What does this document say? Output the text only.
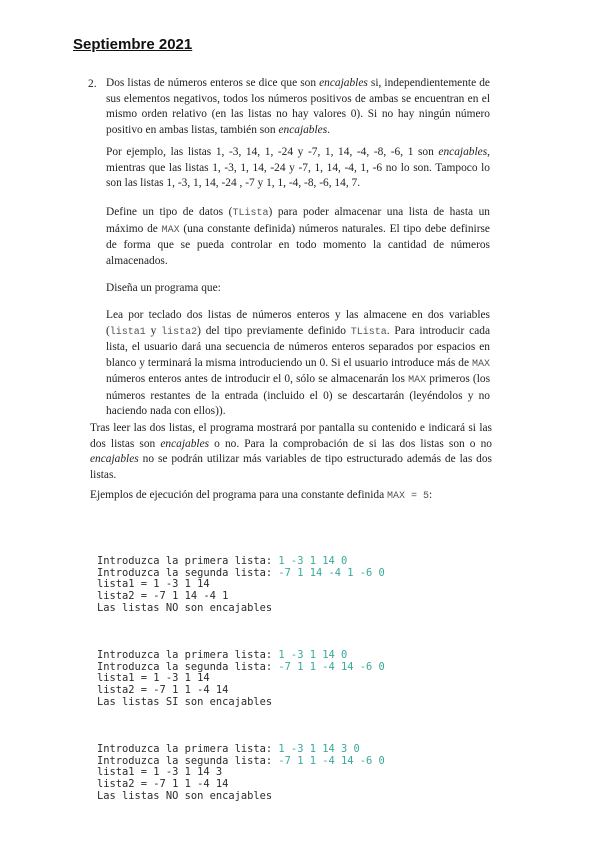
Septiembre 2021
2. Dos listas de números enteros se dice que son encajables si, independientemente de sus elementos negativos, todos los números positivos de ambas se encuentran en el mismo orden relativo (en las listas no hay valores 0). Si no hay ningún número positivo en ambas listas, también son encajables.

Por ejemplo, las listas 1, -3, 14, 1, -24 y -7, 1, 14, -4, -8, -6, 1 son encajables, mientras que las listas 1, -3, 1, 14, -24 y -7, 1, 14, -4, 1, -6 no lo son. Tampoco lo son las listas 1, -3, 1, 14, -24 , -7 y 1, 1, -4, -8, -6, 14, 7.

Define un tipo de datos (TLista) para poder almacenar una lista de hasta un máximo de MAX (una constante definida) números naturales. El tipo debe definirse de forma que se pueda controlar en todo momento la cantidad de números almacenados.

Diseña un programa que:

Lea por teclado dos listas de números enteros y las almacene en dos variables (lista1 y lista2) del tipo previamente definido TLista. Para introducir cada lista, el usuario dará una secuencia de números enteros separados por espacios en blanco y terminará la misma introduciendo un 0. Si el usuario introduce más de MAX números enteros antes de introducir el 0, sólo se almacenarán los MAX primeros (los números restantes de la entrada (incluido el 0) se descartarán (leyéndolos y no haciendo nada con ellos)).

Tras leer las dos listas, el programa mostrará por pantalla su contenido e indicará si las dos listas son encajables o no. Para la comprobación de si las dos listas son o no encajables no se podrán utilizar más variables de tipo estructurado además de las dos listas.

Ejemplos de ejecución del programa para una constante definida MAX = 5:

Introduzca la primera lista: 1 -3 1 14 0
Introduzca la segunda lista: -7 1 14 -4 1 -6 0
lista1 = 1 -3 1 14
lista2 = -7 1 14 -4 1
Las listas NO son encajables

Introduzca la primera lista: 1 -3 1 14 0
Introduzca la segunda lista: -7 1 1 -4 14 -6 0
lista1 = 1 -3 1 14
lista2 = -7 1 1 -4 14
Las listas SI son encajables

Introduzca la primera lista: 1 -3 1 14 3 0
Introduzca la segunda lista: -7 1 1 -4 14 -6 0
lista1 = 1 -3 1 14 3
lista2 = -7 1 1 -4 14
Las listas NO son encajables
